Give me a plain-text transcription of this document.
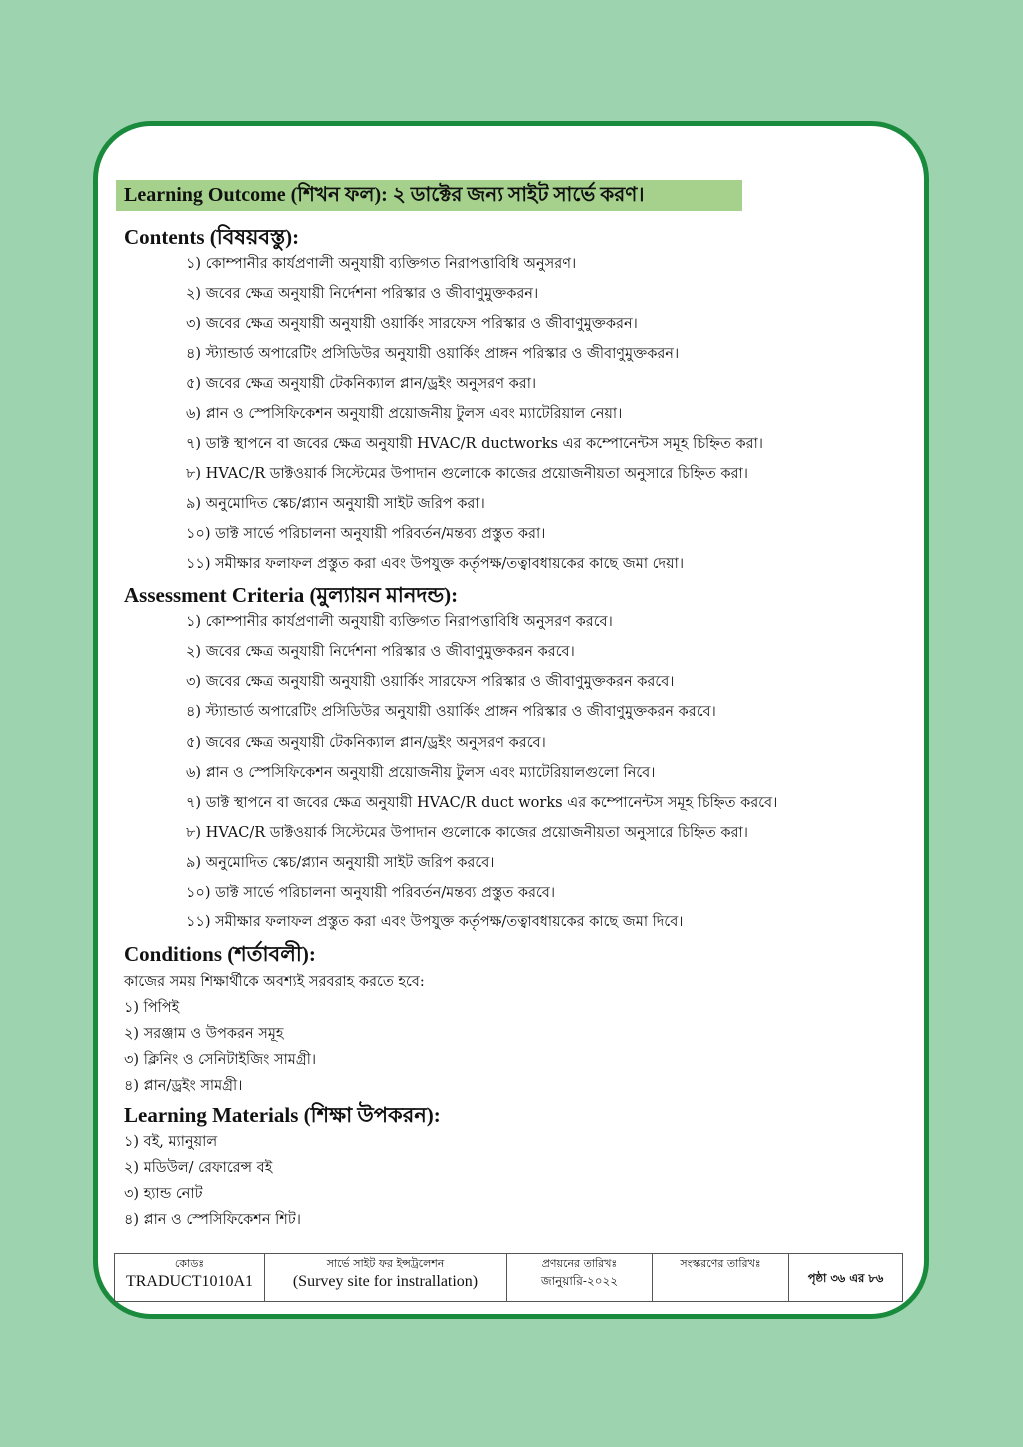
Learning Outcome (শিখন ফল): ২ ডাক্টের জন্য সাইট সার্ভে করণ।
Contents (বিষয়বস্তু):
১) কোম্পানীর কার্যপ্রণালী অনুযায়ী ব্যক্তিগত নিরাপত্তাবিধি অনুসরণ।
২) জবের ক্ষেত্র অনুযায়ী নির্দেশনা পরিস্কার ও জীবাণুমুক্তকরন।
৩) জবের ক্ষেত্র অনুযায়ী অনুযায়ী ওয়ার্কিং সারফেস পরিস্কার ও জীবাণুমুক্তকরন।
৪) স্ট্যান্ডার্ড অপারেটিং প্রসিডিউর অনুযায়ী ওয়ার্কিং প্রাঙ্গন পরিস্কার ও জীবাণুমুক্তকরন।
৫) জবের ক্ষেত্র অনুযায়ী টেকনিক্যাল প্লান/ড্রইং অনুসরণ করা।
৬) প্লান ও স্পেসিফিকেশন অনুযায়ী প্রয়োজনীয় টুলস এবং ম্যাটেরিয়াল নেয়া।
৭) ডাক্ট স্থাপনে বা জবের ক্ষেত্র অনুযায়ী HVAC/R ductworks এর কম্পোনেন্টস সমূহ চিহ্নিত করা।
৮) HVAC/R ডাক্টওয়ার্ক সিস্টেমের উপাদান গুলোকে কাজের প্রয়োজনীয়তা অনুসারে চিহ্নিত করা।
৯) অনুমোদিত স্কেচ/প্ল্যান অনুযায়ী সাইট জরিপ করা।
১০) ডাক্ট সার্ভে পরিচালনা অনুযায়ী পরিবর্তন/মন্তব্য প্রস্তুত করা।
১১) সমীক্ষার ফলাফল প্রস্তুত করা এবং উপযুক্ত কর্তৃপক্ষ/তত্বাবধায়কের কাছে জমা দেয়া।
Assessment Criteria (মুল্যায়ন মানদন্ড):
১) কোম্পানীর কার্যপ্রণালী অনুযায়ী ব্যক্তিগত নিরাপত্তাবিধি অনুসরণ করবে।
২) জবের ক্ষেত্র অনুযায়ী নির্দেশনা পরিস্কার ও জীবাণুমুক্তকরন করবে।
৩) জবের ক্ষেত্র অনুযায়ী অনুযায়ী ওয়ার্কিং সারফেস পরিস্কার ও জীবাণুমুক্তকরন করবে।
৪) স্ট্যান্ডার্ড অপারেটিং প্রসিডিউর অনুযায়ী ওয়ার্কিং প্রাঙ্গন পরিস্কার ও জীবাণুমুক্তকরন করবে।
৫) জবের ক্ষেত্র অনুযায়ী টেকনিক্যাল প্লান/ড্রইং অনুসরণ করবে।
৬) প্লান ও স্পেসিফিকেশন অনুযায়ী প্রয়োজনীয় টুলস এবং ম্যাটেরিয়ালগুলো নিবে।
৭) ডাক্ট স্থাপনে বা জবের ক্ষেত্র অনুযায়ী HVAC/R duct works এর কম্পোনেন্টস সমূহ চিহ্নিত করবে।
৮) HVAC/R ডাক্টওয়ার্ক সিস্টেমের উপাদান গুলোকে কাজের প্রয়োজনীয়তা অনুসারে চিহ্নিত করা।
৯) অনুমোদিত স্কেচ/প্ল্যান অনুযায়ী সাইট জরিপ করবে।
১০) ডাক্ট সার্ভে পরিচালনা অনুযায়ী পরিবর্তন/মন্তব্য প্রস্তুত করবে।
১১) সমীক্ষার ফলাফল প্রস্তুত করা এবং উপযুক্ত কর্তৃপক্ষ/তত্বাবধায়কের কাছে জমা দিবে।
Conditions (শর্তাবলী):
কাজের সময় শিক্ষার্থীকে অবশ্যই সরবরাহ করতে হবে:
১) পিপিই
২) সরঞ্জাম ও উপকরন সমূহ
৩) ক্লিনিং ও সেনিটাইজিং সামগ্রী।
৪) প্লান/ড্রইং সামগ্রী।
Learning Materials (শিক্ষা উপকরন):
১) বই, ম্যানুয়াল
২) মডিউল/ রেফারেন্স বই
৩) হ্যান্ড নোট
৪) প্লান ও স্পেসিফিকেশন শিট।
কোডঃ
TRADUCT1010A1

সার্ভে সাইট ফর ইন্সট্রলেশন
(Survey site for instrallation)

প্রণয়নের তারিখঃ
জানুয়ারি-২০২২

সংস্করণের তারিখঃ
	পৃষ্ঠা ৩৬ এর ৮৬
